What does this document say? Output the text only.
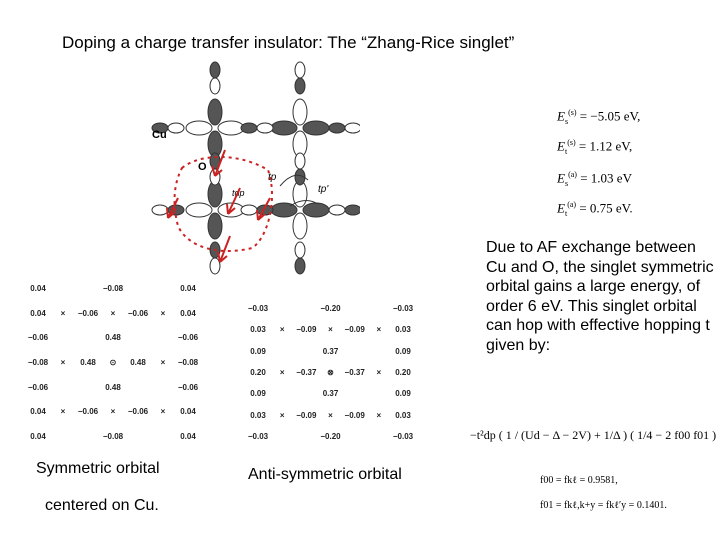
Doping a charge transfer insulator: The “Zhang-Rice singlet”
Cu
O
tp
tdp	tp'
$E_s^{(s)} = -5.05$ eV,
$E_t^{(s)} = 1.12$ eV,
$E_s^{(a)} = 1.03$ eV
$E_t^{(a)} = 0.75$ eV.
Due to AF exchange between Cu and O, the singlet symmetric orbital gains a large energy, of order 6 eV. This singlet orbital can hop with effective hopping t given by:
0.04	−0.08	0.04
0.04 × −0.06 × −0.06 × 0.04
−0.06	0.48	−0.06
−0.08 × 0.48 ⊙ 0.48 × −0.08
−0.06	0.48	−0.06
0.04 × −0.06 × −0.06 × 0.04
0.04	−0.08	0.04
−0.03	−0.20	−0.03
0.03 × −0.09 × −0.09 × 0.03
0.09	0.37	0.09
0.20 × −0.37 ⊗ −0.37 × 0.20
0.09	0.37	0.09
0.03 × −0.09 × −0.09 × 0.03
−0.03	−0.20	−0.03
Symmetric orbital
centered on Cu.
Anti-symmetric orbital
−t²dp ( 1 / (Ud − Δ − 2V) + 1/Δ ) ( 1/4 − 2 f00 f01 )
f00 = fkℓ = 0.9581,
f01 = fkℓ,k+y = fkℓ′y = 0.1401.
